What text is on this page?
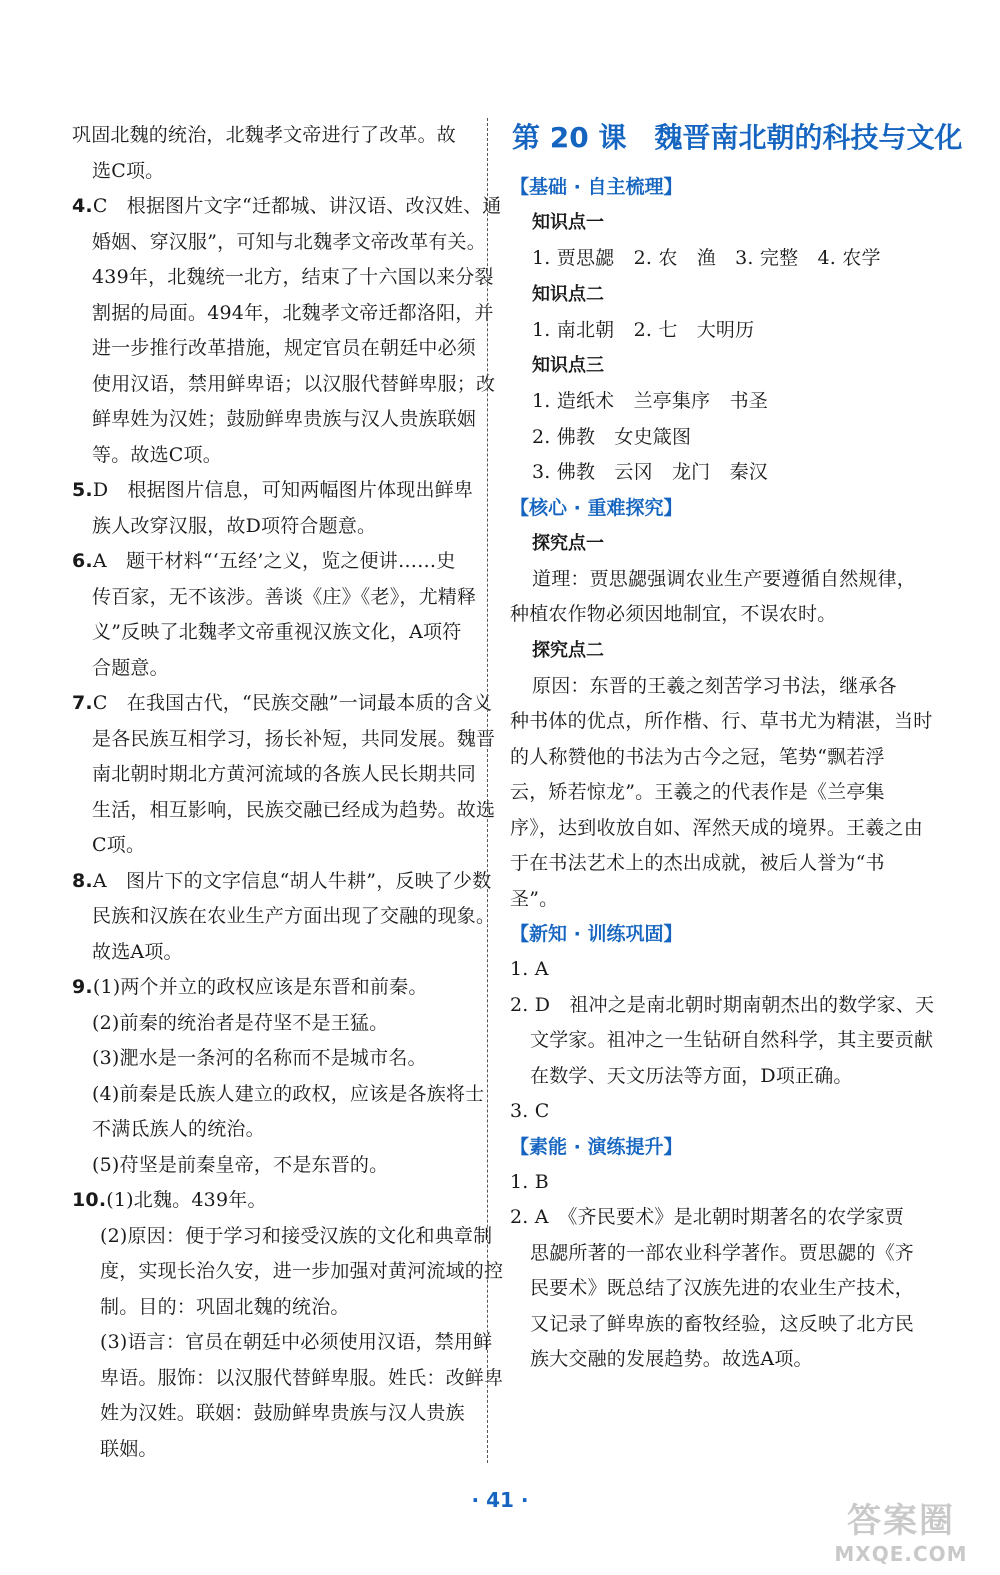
巩固北魏的统治，北魏孝文帝进行了改革。故
选C项。
4.C　根据图片文字“迁都城、讲汉语、改汉姓、通
婚姻、穿汉服”，可知与北魏孝文帝改革有关。
439年，北魏统一北方，结束了十六国以来分裂
割据的局面。494年，北魏孝文帝迁都洛阳，并
进一步推行改革措施，规定官员在朝廷中必须
使用汉语，禁用鲜卑语；以汉服代替鲜卑服；改
鲜卑姓为汉姓；鼓励鲜卑贵族与汉人贵族联姻
等。故选C项。
5.D　根据图片信息，可知两幅图片体现出鲜卑
族人改穿汉服，故D项符合题意。
6.A　题干材料“‘五经’之义，览之便讲……史
传百家，无不该涉。善谈《庄》《老》，尤精释
义”反映了北魏孝文帝重视汉族文化，A项符
合题意。
7.C　在我国古代，“民族交融”一词最本质的含义
是各民族互相学习，扬长补短，共同发展。魏晋
南北朝时期北方黄河流域的各族人民长期共同
生活，相互影响，民族交融已经成为趋势。故选
C项。
8.A　图片下的文字信息“胡人牛耕”，反映了少数
民族和汉族在农业生产方面出现了交融的现象。
故选A项。
9.(1)两个并立的政权应该是东晋和前秦。
(2)前秦的统治者是苻坚不是王猛。
(3)淝水是一条河的名称而不是城市名。
(4)前秦是氐族人建立的政权，应该是各族将士
不满氐族人的统治。
(5)苻坚是前秦皇帝，不是东晋的。
10.(1)北魏。439年。
(2)原因：便于学习和接受汉族的文化和典章制
度，实现长治久安，进一步加强对黄河流域的控
制。目的：巩固北魏的统治。
(3)语言：官员在朝廷中必须使用汉语，禁用鲜
卑语。服饰：以汉服代替鲜卑服。姓氏：改鲜卑
姓为汉姓。联姻：鼓励鲜卑贵族与汉人贵族
联姻。
第 20 课 魏晋南北朝的科技与文化
【基础 · 自主梳理】
知识点一
1. 贾思勰　2. 农　渔　3. 完整　4. 农学
知识点二
1. 南北朝　2. 七　大明历
知识点三
1. 造纸术　兰亭集序　书圣
2. 佛教　女史箴图
3. 佛教　云冈　龙门　秦汉
【核心 · 重难探究】
探究点一
道理：贾思勰强调农业生产要遵循自然规律，
种植农作物必须因地制宜，不误农时。
探究点二
原因：东晋的王羲之刻苦学习书法，继承各
种书体的优点，所作楷、行、草书尤为精湛，当时
的人称赞他的书法为古今之冠，笔势“飘若浮
云，矫若惊龙”。王羲之的代表作是《兰亭集
序》，达到收放自如、浑然天成的境界。王羲之由
于在书法艺术上的杰出成就，被后人誉为“书
圣”。
【新知 · 训练巩固】
1. A
2. D　祖冲之是南北朝时期南朝杰出的数学家、天
文学家。祖冲之一生钻研自然科学，其主要贡献
在数学、天文历法等方面，D项正确。
3. C
【素能 · 演练提升】
1. B
2. A　《齐民要术》是北朝时期著名的农学家贾
思勰所著的一部农业科学著作。贾思勰的《齐
民要术》既总结了汉族先进的农业生产技术，
又记录了鲜卑族的畜牧经验，这反映了北方民
族大交融的发展趋势。故选A项。
· 41 ·
答案圈
MXQE.COM
